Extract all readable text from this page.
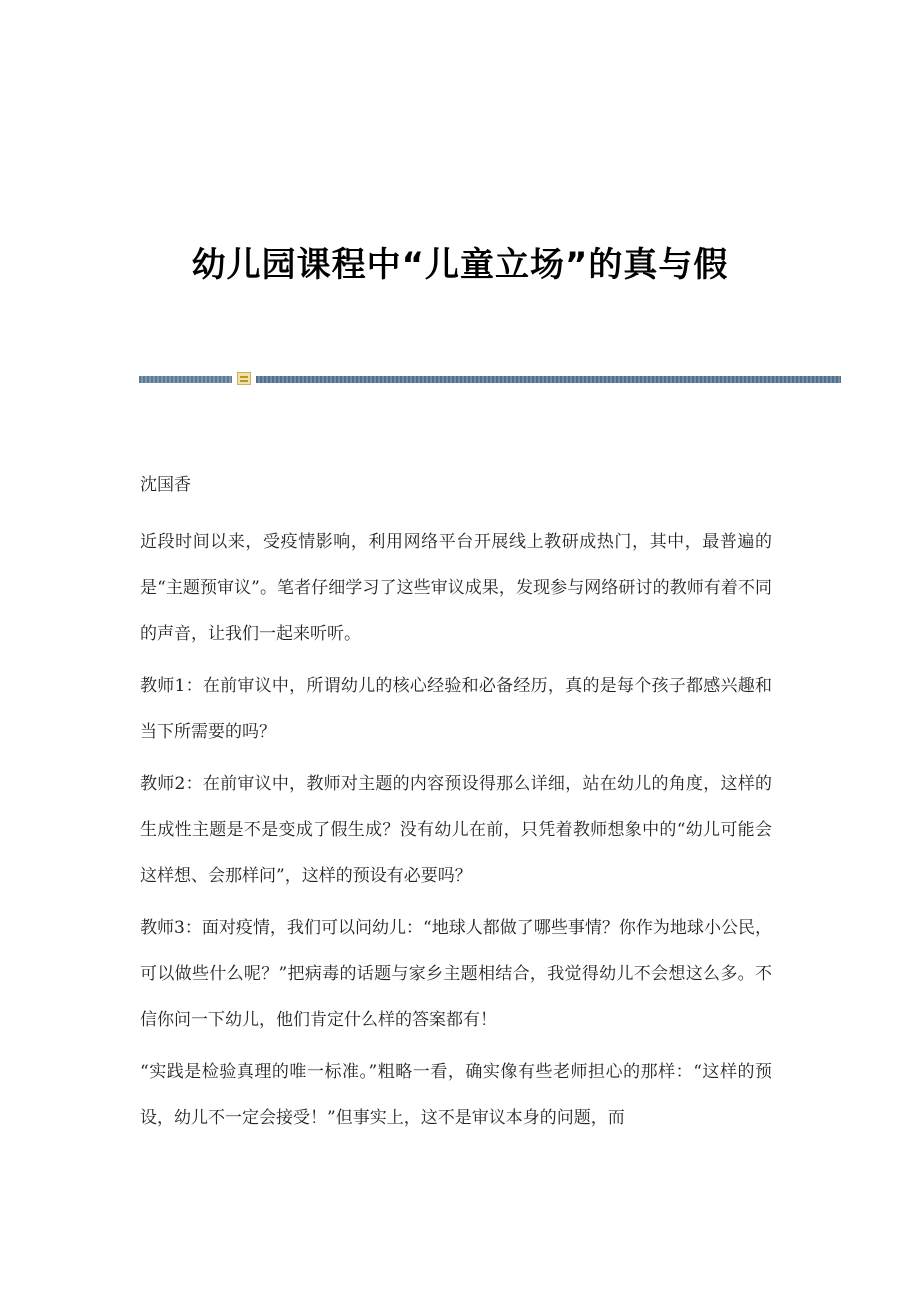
幼儿园课程中“儿童立场”的真与假
沈国香

近段时间以来，受疫情影响，利用网络平台开展线上教研成热门，其中，最普遍的是“主题预审议”。笔者仔细学习了这些审议成果，发现参与网络研讨的教师有着不同的声音，让我们一起来听听。

教师1：在前审议中，所谓幼儿的核心经验和必备经历，真的是每个孩子都感兴趣和当下所需要的吗？

教师2：在前审议中，教师对主题的内容预设得那么详细，站在幼儿的角度，这样的生成性主题是不是变成了假生成？没有幼儿在前，只凭着教师想象中的“幼儿可能会这样想、会那样问”，这样的预设有必要吗？

教师3：面对疫情，我们可以问幼儿：“地球人都做了哪些事情？你作为地球小公民，可以做些什么呢？”把病毒的话题与家乡主题相结合，我觉得幼儿不会想这么多。不信你问一下幼儿，他们肯定什么样的答案都有！

“实践是检验真理的唯一标准。”粗略一看，确实像有些老师担心的那样：“这样的预设，幼儿不一定会接受！”但事实上，这不是审议本身的问题，而
